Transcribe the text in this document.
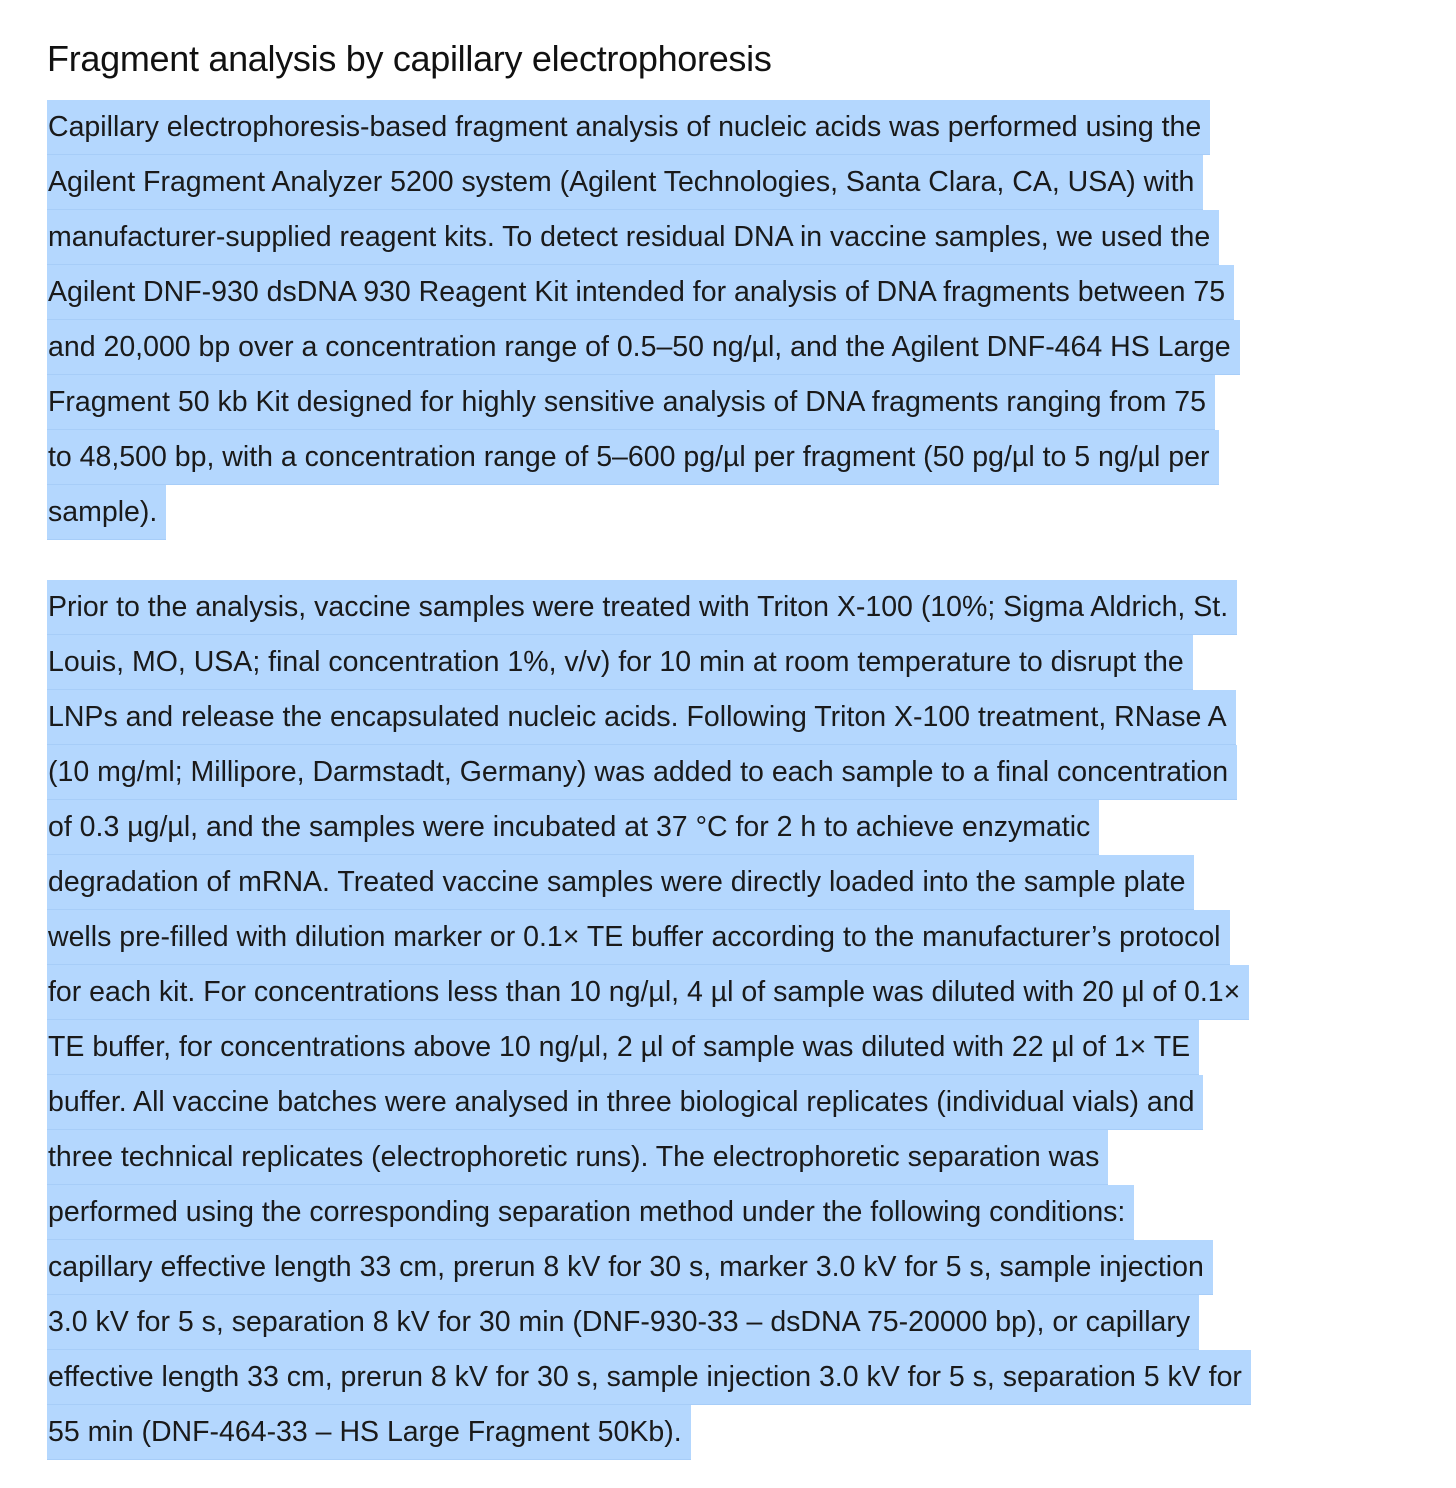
Fragment analysis by capillary electrophoresis
Capillary electrophoresis-based fragment analysis of nucleic acids was performed using the
Agilent Fragment Analyzer 5200 system (Agilent Technologies, Santa Clara, CA, USA) with
manufacturer-supplied reagent kits. To detect residual DNA in vaccine samples, we used the
Agilent DNF-930 dsDNA 930 Reagent Kit intended for analysis of DNA fragments between 75
and 20,000 bp over a concentration range of 0.5–50 ng/µl, and the Agilent DNF-464 HS Large
Fragment 50 kb Kit designed for highly sensitive analysis of DNA fragments ranging from 75
to 48,500 bp, with a concentration range of 5–600 pg/µl per fragment (50 pg/µl to 5 ng/µl per
sample).
Prior to the analysis, vaccine samples were treated with Triton X-100 (10%; Sigma Aldrich, St.
Louis, MO, USA; final concentration 1%, v/v) for 10 min at room temperature to disrupt the
LNPs and release the encapsulated nucleic acids. Following Triton X-100 treatment, RNase A
(10 mg/ml; Millipore, Darmstadt, Germany) was added to each sample to a final concentration
of 0.3 µg/µl, and the samples were incubated at 37 °C for 2 h to achieve enzymatic
degradation of mRNA. Treated vaccine samples were directly loaded into the sample plate
wells pre-filled with dilution marker or 0.1× TE buffer according to the manufacturer’s protocol
for each kit. For concentrations less than 10 ng/µl, 4 µl of sample was diluted with 20 µl of 0.1×
TE buffer, for concentrations above 10 ng/µl, 2 µl of sample was diluted with 22 µl of 1× TE
buffer. All vaccine batches were analysed in three biological replicates (individual vials) and
three technical replicates (electrophoretic runs). The electrophoretic separation was
performed using the corresponding separation method under the following conditions:
capillary effective length 33 cm, prerun 8 kV for 30 s, marker 3.0 kV for 5 s, sample injection
3.0 kV for 5 s, separation 8 kV for 30 min (DNF-930-33 – dsDNA 75-20000 bp), or capillary
effective length 33 cm, prerun 8 kV for 30 s, sample injection 3.0 kV for 5 s, separation 5 kV for
55 min (DNF-464-33 – HS Large Fragment 50Kb).
